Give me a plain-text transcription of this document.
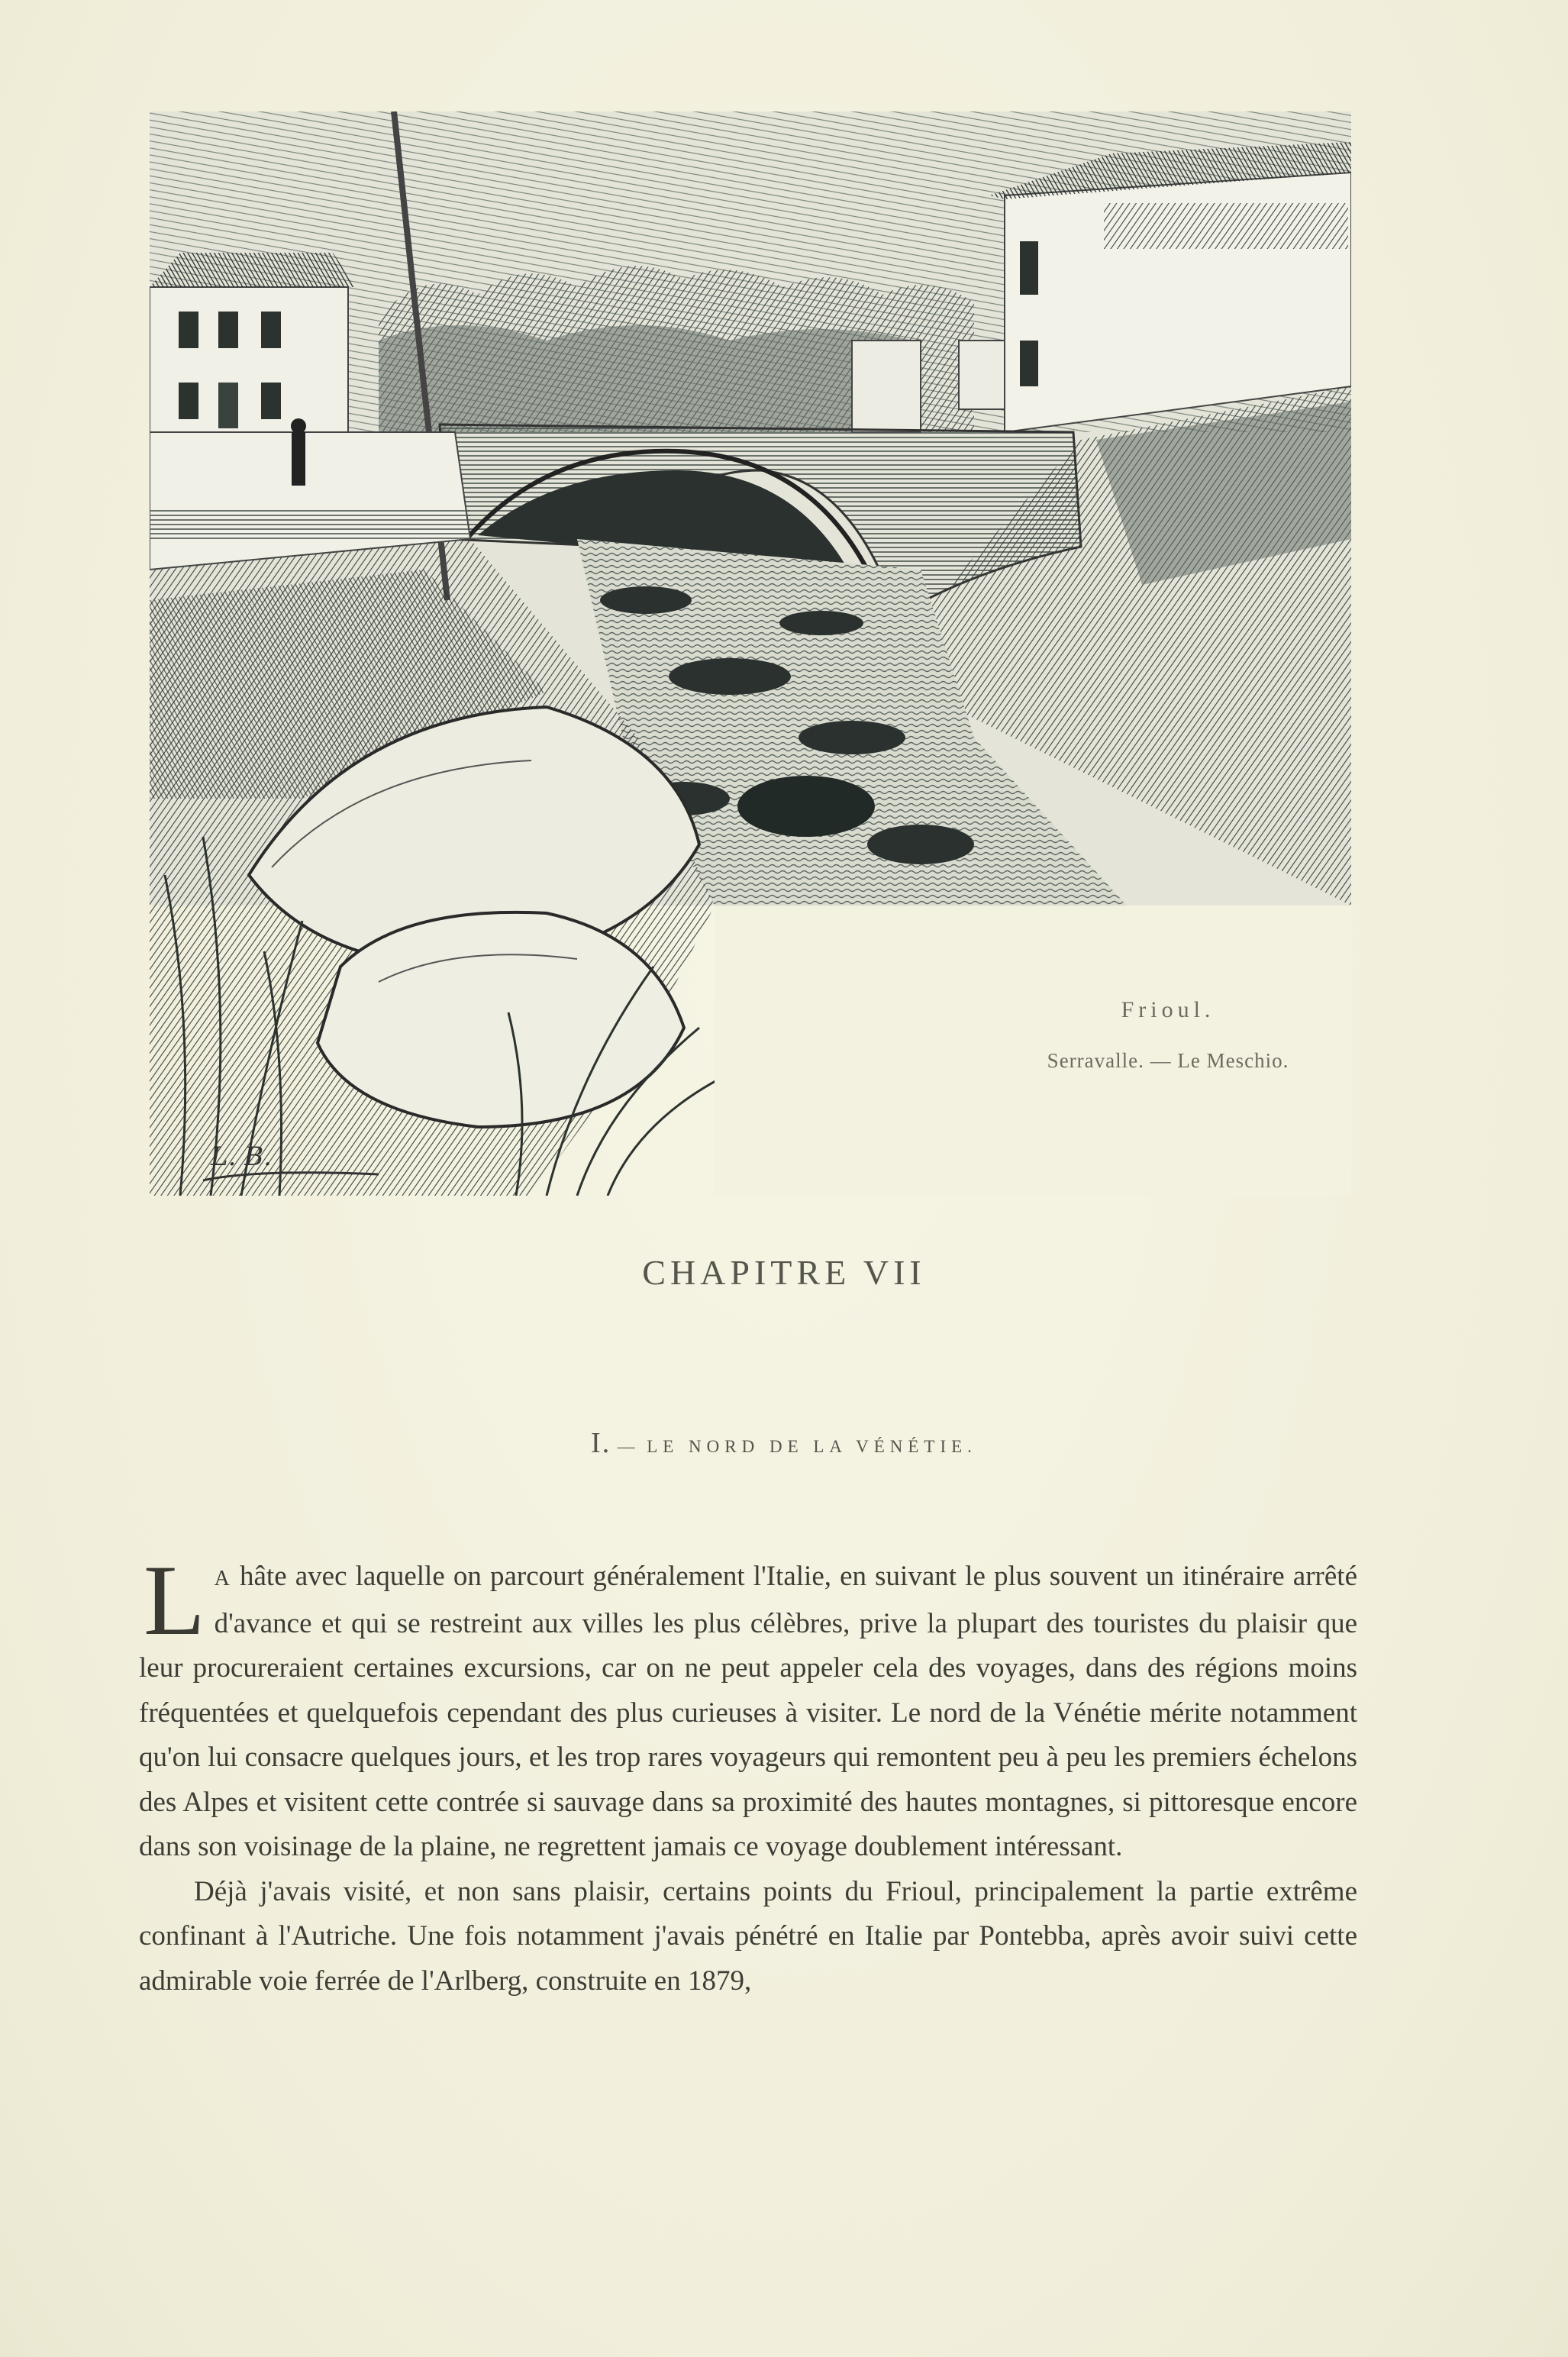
L. B.
Frioul.
Serravalle. — Le Meschio.
CHAPITRE VII
I. — LE NORD DE LA VÉNÉTIE.

L A hâte avec laquelle on parcourt généralement l'Italie, en suivant le plus souvent un itinéraire arrêté d'avance et qui se restreint aux villes les plus célèbres, prive la plupart des touristes du plaisir que leur procureraient certaines excursions, car on ne peut appeler cela des voyages, dans des régions moins fréquentées et quelquefois cependant des plus curieuses à visiter. Le nord de la Vénétie mérite notamment qu'on lui consacre quelques jours, et les trop rares voyageurs qui remontent peu à peu les premiers échelons des Alpes et visitent cette contrée si sauvage dans sa proximité des hautes montagnes, si pittoresque encore dans son voisinage de la plaine, ne regrettent jamais ce voyage doublement intéressant.

Déjà j'avais visité, et non sans plaisir, certains points du Frioul, principalement la partie extrême confinant à l'Autriche. Une fois notamment j'avais pénétré en Italie par Pontebba, après avoir suivi cette admirable voie ferrée de l'Arlberg, construite en 1879,
